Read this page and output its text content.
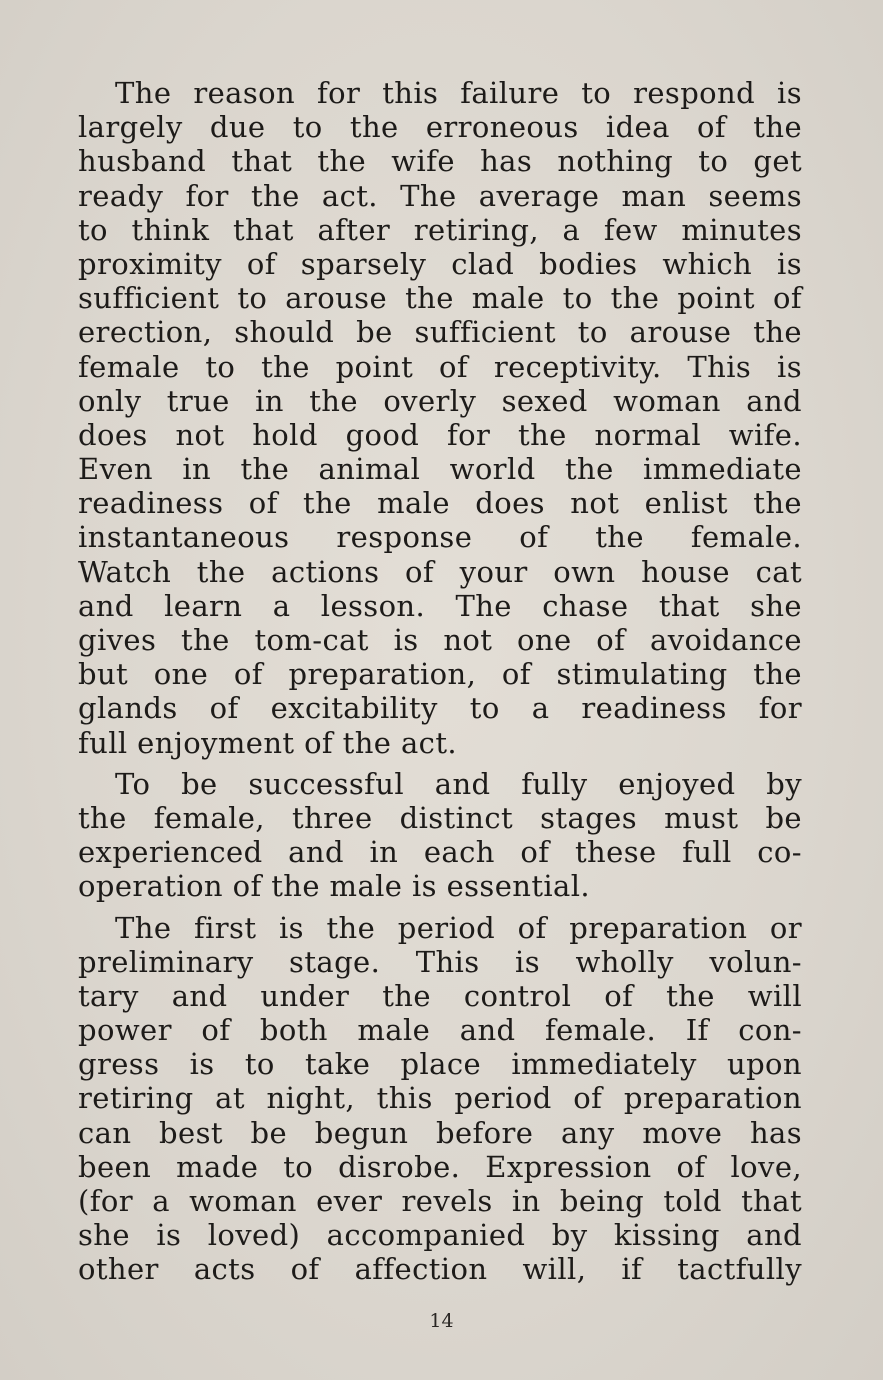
The reason for this failure to respond is
largely due to the erroneous idea of the
husband that the wife has nothing to get
ready for the act. The average man seems
to think that after retiring, a few minutes
proximity of sparsely clad bodies which is
sufficient to arouse the male to the point of
erection, should be sufficient to arouse the
female to the point of receptivity. This is
only true in the overly sexed woman and
does not hold good for the normal wife.
Even in the animal world the immediate
readiness of the male does not enlist the
instantaneous response of the female.
Watch the actions of your own house cat
and learn a lesson. The chase that she
gives the tom-cat is not one of avoidance
but one of preparation, of stimulating the
glands of excitability to a readiness for
full enjoyment of the act.

To be successful and fully enjoyed by
the female, three distinct stages must be
experienced and in each of these full co-
operation of the male is essential.

The first is the period of preparation or
preliminary stage. This is wholly volun-
tary and under the control of the will
power of both male and female. If con-
gress is to take place immediately upon
retiring at night, this period of preparation
can best be begun before any move has
been made to disrobe. Expression of love,
(for a woman ever revels in being told that
she is loved) accompanied by kissing and
other acts of affection will, if tactfully

14
